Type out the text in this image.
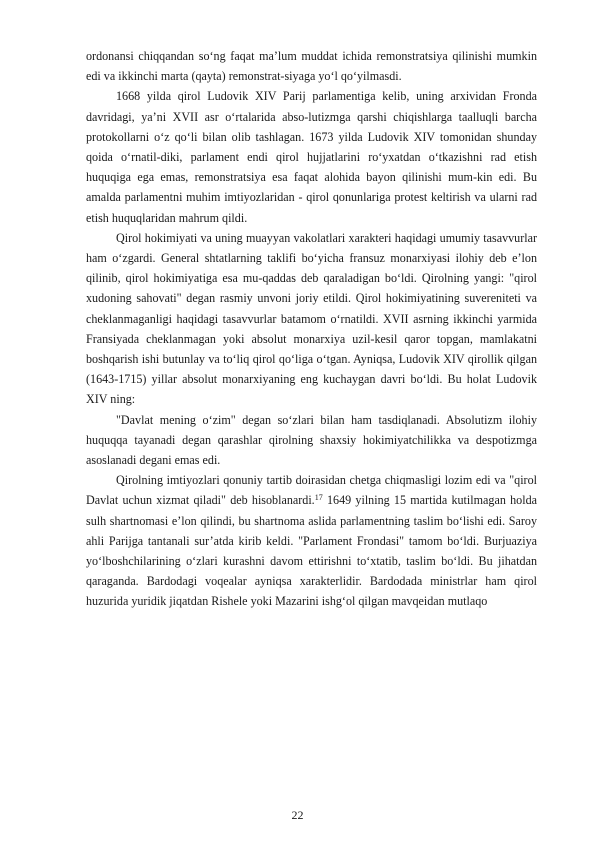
ordonansi chiqqandan so‘ng faqat ma’lum muddat ichida remonstratsiya qilinishi mumkin edi va ikkinchi marta (qayta) remonstrat-siyaga yo‘l qo‘yilmasdi.

1668 yilda qirol Ludovik XIV Parij parlamentiga kelib, uning arxividan Fronda davridagi, ya’ni XVII asr o‘rtalarida abso-lutizmga qarshi chiqishlarga taalluqli barcha protokollarni o‘z qo‘li bilan olib tashlagan. 1673 yilda Ludovik XIV tomonidan shunday qoida o‘rnatil-diki, parlament endi qirol hujjatlarini ro‘yxatdan o‘tkazishni rad etish huquqiga ega emas, remonstratsiya esa faqat alohida bayon qilinishi mum-kin edi. Bu amalda parlamentni muhim imtiyozlaridan - qirol qonunlariga protest keltirish va ularni rad etish huquqlaridan mahrum qildi.

Qirol hokimiyati va uning muayyan vakolatlari xarakteri haqidagi umumiy tasavvurlar ham o‘zgardi. General shtatlarning taklifi bo‘yicha fransuz monarxiyasi ilohiy deb e’lon qilinib, qirol hokimiyatiga esa mu-qaddas deb qaraladigan bo‘ldi. Qirolning yangi: "qirol xudoning sahovati" degan rasmiy unvoni joriy etildi. Qirol hokimiyatining suvereniteti va cheklanmaganligi haqidagi tasavvurlar batamom o‘rnatildi. XVII asrning ikkinchi yarmida Fransiyada cheklanmagan yoki absolut monarxiya uzil-kesil qaror topgan, mamlakatni boshqarish ishi butunlay va to‘liq qirol qo‘liga o‘tgan. Ayniqsa, Ludovik XIV qirollik qilgan (1643-1715) yillar absolut monarxiyaning eng kuchaygan davri bo‘ldi. Bu holat Ludovik XIV ning:

"Davlat mening o‘zim" degan so‘zlari bilan ham tasdiqlanadi. Absolutizm ilohiy huquqqa tayanadi degan qarashlar qirolning shaxsiy hokimiyatchilikka va despotizmga asoslanadi degani emas edi.

Qirolning imtiyozlari qonuniy tartib doirasidan chetga chiqmasligi lozim edi va "qirol Davlat uchun xizmat qiladi" deb hisoblanardi.$^{17}$ 1649 yilning 15 martida kutilmagan holda sulh shartnomasi e’lon qilindi, bu shartnoma aslida parlamentning taslim bo‘lishi edi. Saroy ahli Parijga tantanali sur’atda kirib keldi. "Parlament Frondasi" tamom bo‘ldi. Burjuaziya yo‘lboshchilarining o‘zlari kurashni davom ettirishni to‘xtatib, taslim bo‘ldi. Bu jihatdan qaraganda. Bardodagi voqealar ayniqsa xarakterlidir. Bardodada ministrlar ham qirol huzurida yuridik jiqatdan Rishele yoki Mazarini ishg‘ol qilgan mavqeidan mutlaqo

22
